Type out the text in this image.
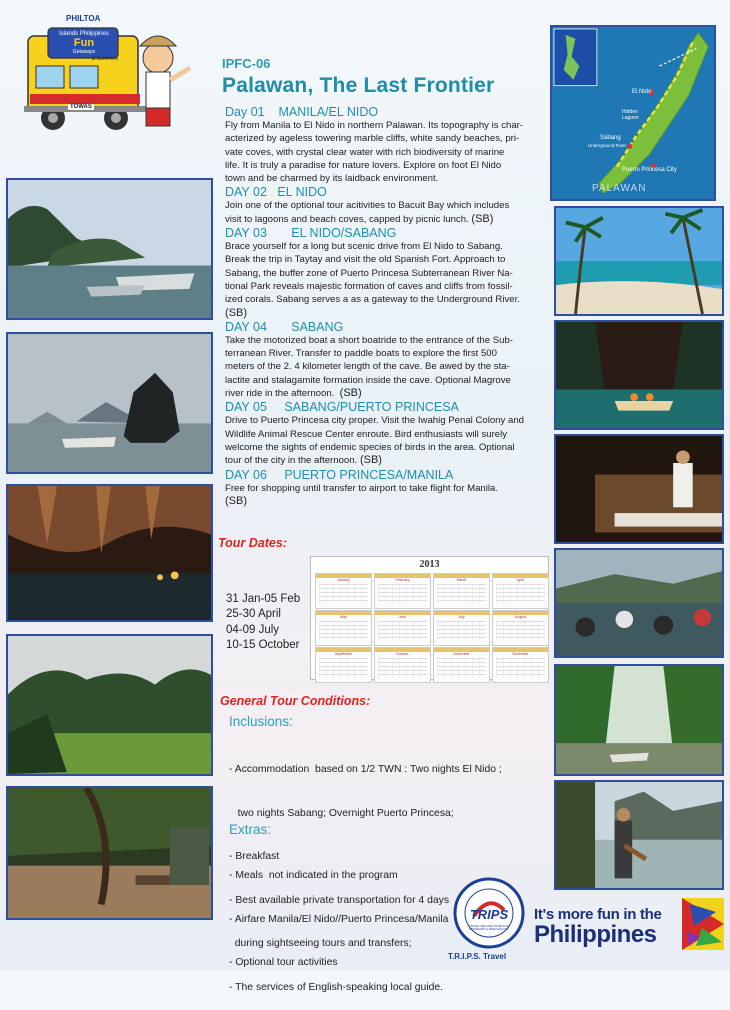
PHILTOA
Islands Philippines
Fun
Getaways
& Summers
TOWAS
IPFC-06
Palawan, The Last Frontier
Day 01 MANILA/EL NIDO
Fly from Manila to El Nido in northern Palawan. Its topography is char-
acterized by ageless towering marble cliffs, white sandy beaches, pri-
vate coves, with crystal clear water with rich biodiversity of marine
life. It is truly a paradise for nature lovers. Explore on foot El Nido
town and be charmed by its laidback environment.
DAY 02 EL NIDO
Join one of the optional tour acitivities to Bacuit Bay which includes
visit to lagoons and beach coves, capped by picnic lunch. (SB)
DAY 03 EL NIDO/SABANG
Brace yourself for a long but scenic drive from El Nido to Sabang.
Break the trip in Taytay and visit the old Spanish Fort. Approach to
Sabang, the buffer zone of Puerto Princesa Subterranean River Na-
tional Park reveals majestic formation of caves and cliffs from fossil-
ized corals. Sabang serves a as a gateway to the Underground River.
(SB)
DAY 04 SABANG
Take the motorized boat a short boatride to the entrance of the Sub-
terranean River. Transfer to paddle boats to explore the first 500
meters of the 2. 4 kilometer length of the cave. Be awed by the sta-
lactite and stalagamite formation inside the cave. Optional Magrove
river ride in the afternoon. (SB)
DAY 05 SABANG/PUERTO PRINCESA
Drive to Puerto Princesa city proper. Visit the Iwahig Penal Colony and
Wildlife Animal Rescue Center enroute. Bird enthusiasts will surely
welcome the sights of endemic species of birds in the area. Optional
tour of the city in the afternoon. (SB)
DAY 06 PUERTO PRINCESA/MANILA
Free for shopping until transfer to airport to take flight for Manila.
(SB)
El Nido
Hidden Lagoon
Sabang
Underground River
Puerto Princesa City
PALAWAN
Tour Dates:
31 Jan-05 Feb
25-30 April
04-09 July
10-15 October
2013
January	February	March	April
May	June	July	August
September	October	November	December
General Tour Conditions:
Inclusions:

- Accommodation  based on 1/2 TWN : Two nights El Nido ;

two nights Sabang; Overnight Puerto Princesa;

- Breakfast

- Best available private transportation for 4 days

during sightseeing tours and transfers;

- The services of English-speaking local guide.

Extras:

- Meals  not indicated in the program

- Airfare Manila/El Nido//Puerto Princesa/Manila

- Optional tour activities

TRIPS
TRAVEL RELATED INCENTIVE PROGRAMS & SERVICES INC.
T.R.I.P.S. Travel
It's more fun in the
Philippines
